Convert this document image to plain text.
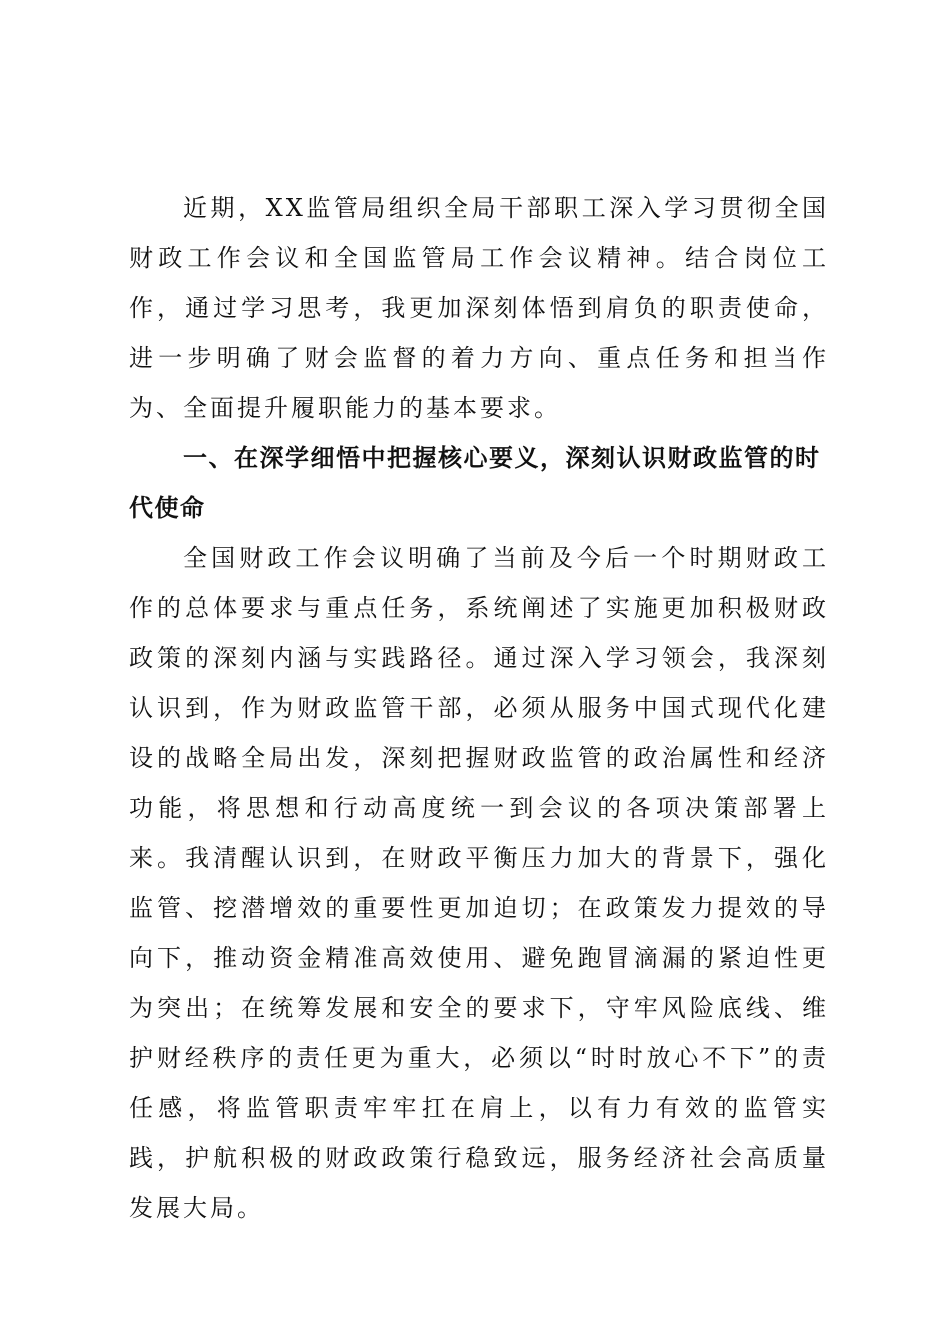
近期，XX监管局组织全局干部职工深入学习贯彻全国财政工作会议和全国监管局工作会议精神。结合岗位工作，通过学习思考，我更加深刻体悟到肩负的职责使命，进一步明确了财会监督的着力方向、重点任务和担当作为、全面提升履职能力的基本要求。

一、在深学细悟中把握核心要义，深刻认识财政监管的时代使命

全国财政工作会议明确了当前及今后一个时期财政工作的总体要求与重点任务，系统阐述了实施更加积极财政政策的深刻内涵与实践路径。通过深入学习领会，我深刻认识到，作为财政监管干部，必须从服务中国式现代化建设的战略全局出发，深刻把握财政监管的政治属性和经济功能，将思想和行动高度统一到会议的各项决策部署上来。我清醒认识到，在财政平衡压力加大的背景下，强化监管、挖潜增效的重要性更加迫切；在政策发力提效的导向下，推动资金精准高效使用、避免跑冒滴漏的紧迫性更为突出；在统筹发展和安全的要求下，守牢风险底线、维护财经秩序的责任更为重大，必须以“时时放心不下”的责任感，将监管职责牢牢扛在肩上，以有力有效的监管实践，护航积极的财政政策行稳致远，服务经济社会高质量发展大局。
